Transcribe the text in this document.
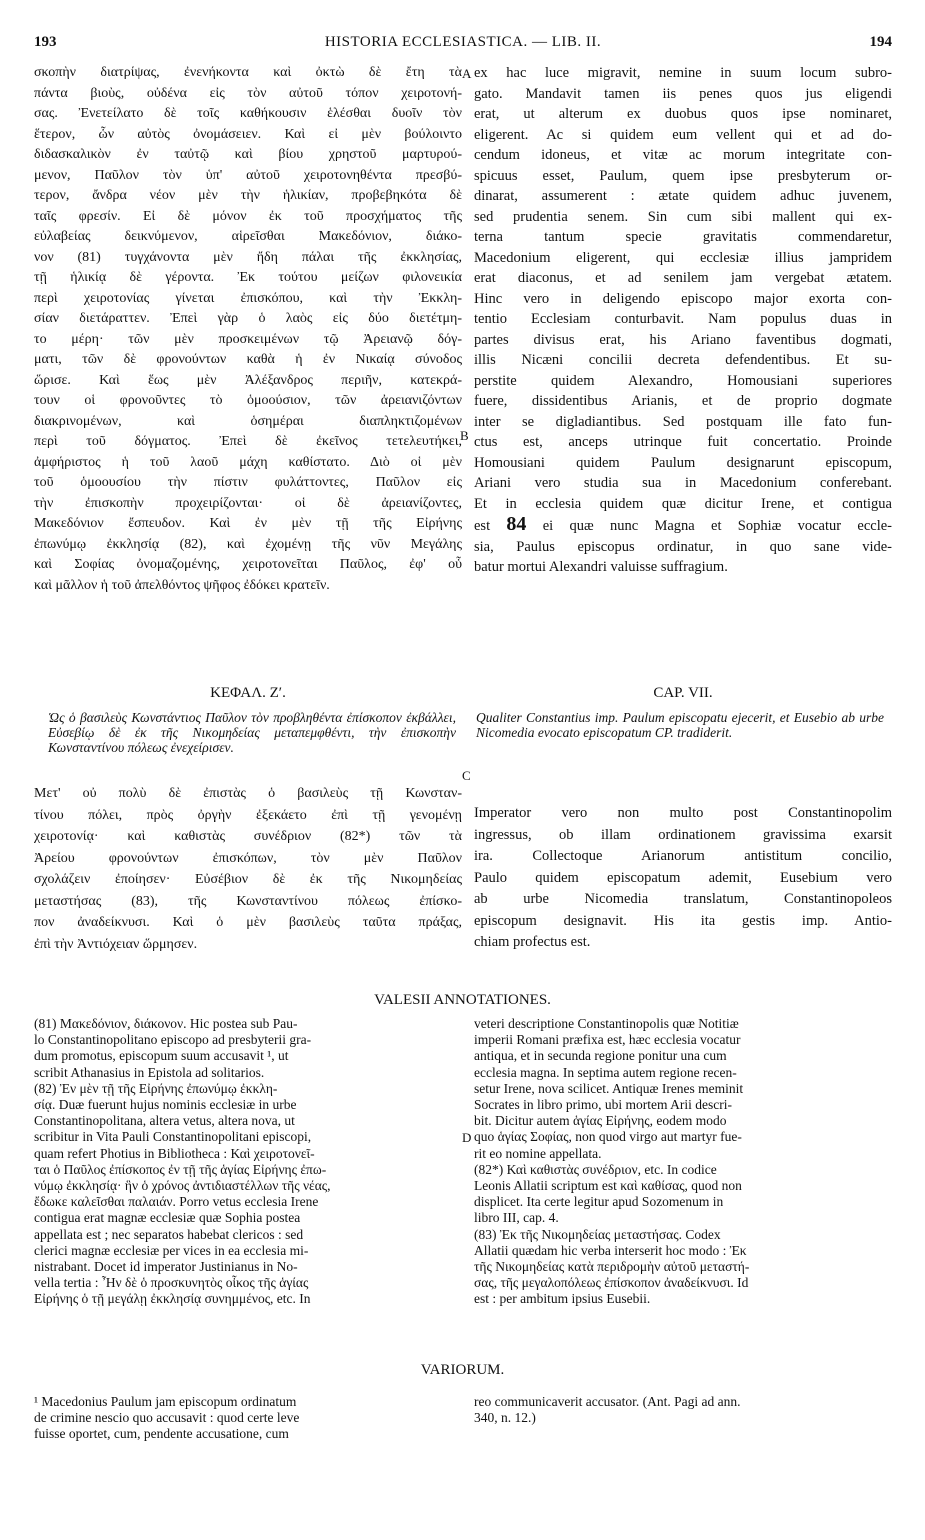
193	HISTORIA ECCLESIASTICA. — LIB. II.	194

σκοπὴν διατρίψας, ἐνενήκοντα καὶ ὀκτὼ δὲ ἔτη τὰ

πάντα βιοὺς, οὐδένα εἰς τὸν αὐτοῦ τόπον χειροτονή-

σας. Ἐνετείλατο δὲ τοῖς καθήκουσιν ἑλέσθαι δυοῖν τὸν

ἕτερον, ὧν αὐτὸς ὀνομάσειεν. Καὶ εἰ μὲν βούλοιντο

διδασκαλικὸν ἐν ταὐτῷ καὶ βίου χρηστοῦ μαρτυρού-

μενον, Παῦλον τὸν ὑπ' αὐτοῦ χειροτονηθέντα πρεσβύ-

τερον, ἄνδρα νέον μὲν τὴν ἡλικίαν, προβεβηκότα δὲ

ταῖς φρεσίν. Εἰ δὲ μόνον ἐκ τοῦ προσχήματος τῆς

εὐλαβείας δεικνύμενον, αἱρεῖσθαι Μακεδόνιον, διάκο-

νον (81) τυγχάνοντα μὲν ἤδη πάλαι τῆς ἐκκλησίας,

τῇ ἡλικίᾳ δὲ γέροντα. Ἐκ τούτου μείζων φιλονεικία

περὶ χειροτονίας γίνεται ἐπισκόπου, καὶ τὴν Ἐκκλη-

σίαν διετάραττεν. Ἐπεὶ γὰρ ὁ λαὸς εἰς δύο διετέτμη-

το μέρη· τῶν μὲν προσκειμένων τῷ Ἀρειανῷ δόγ-

ματι, τῶν δὲ φρονούντων καθὰ ἡ ἐν Νικαίᾳ σύνοδος

ὥρισε. Καὶ ἕως μὲν Ἀλέξανδρος περιῆν, κατεκρά-

τουν οἱ φρονοῦντες τὸ ὁμοούσιον, τῶν ἀρειανιζόντων

διακρινομένων, καὶ ὁσημέραι διαπληκτιζομένων

περὶ τοῦ δόγματος. Ἐπεὶ δὲ ἐκεῖνος τετελευτήκει,

ἀμφήριστος ἡ τοῦ λαοῦ μάχη καθίστατο. Διὸ οἱ μὲν

τοῦ ὁμοουσίου τὴν πίστιν φυλάττοντες, Παῦλον εἰς

τὴν ἐπισκοπὴν προχειρίζονται· οἱ δὲ ἀρειανίζοντες,

Μακεδόνιον ἔσπευδον. Καὶ ἐν μὲν τῇ τῆς Εἰρήνης

ἐπωνύμῳ ἐκκλησίᾳ (82), καὶ ἐχομένῃ τῆς νῦν Μεγάλης

καὶ Σοφίας ὀνομαζομένης, χειροτονεῖται Παῦλος, ἐφ' οὗ

καὶ μᾶλλον ἡ τοῦ ἀπελθόντος ψῆφος ἐδόκει κρατεῖν.

A
B
C
D

ex hac luce migravit, nemine in suum locum subro-

gato. Mandavit tamen iis penes quos jus eligendi

erat, ut alterum ex duobus quos ipse nominaret,

eligerent. Ac si quidem eum vellent qui et ad do-

cendum idoneus, et vitæ ac morum integritate con-

spicuus esset, Paulum, quem ipse presbyterum or-

dinarat, assumerent : ætate quidem adhuc juvenem,

sed prudentia senem. Sin cum sibi mallent qui ex-

terna tantum specie gravitatis commendaretur,

Macedonium eligerent, qui ecclesiæ illius jampridem

erat diaconus, et ad senilem jam vergebat ætatem.

Hinc vero in deligendo episcopo major exorta con-

tentio Ecclesiam conturbavit. Nam populus duas in

partes divisus erat, his Ariano faventibus dogmati,

illis Nicæni concilii decreta defendentibus. Et su-

perstite quidem Alexandro, Homousiani superiores

fuere, dissidentibus Arianis, et de proprio dogmate

inter se digladiantibus. Sed postquam ille fato fun-

ctus est, anceps utrinque fuit concertatio. Proinde

Homousiani quidem Paulum designarunt episcopum,

Ariani vero studia sua in Macedonium conferebant.

Et in ecclesia quidem quæ dicitur Irene, et contigua

est 84 ei quæ nunc Magna et Sophiæ vocatur eccle-

sia, Paulus episcopus ordinatur, in quo sane vide-

batur mortui Alexandri valuisse suffragium.

ΚΕΦΑΛ. Ζʹ.	CAP. VII.
Ὡς ὁ βασιλεὺς Κωνστάντιος Παῦλον τὸν προβληθέντα ἐπίσκοπον ἐκβάλλει, Εὐσεβίῳ δὲ ἐκ τῆς Νικομηδείας μεταπεμφθέντι, τὴν ἐπισκοπὴν Κωνσταντίνου πόλεως ἐνεχείρισεν.
Qualiter Constantius imp. Paulum episcopatu ejecerit, et Eusebio ab urbe Nicomedia evocato episcopatum CP. tradiderit.

Μετ' οὐ πολὺ δὲ ἐπιστὰς ὁ βασιλεὺς τῇ Κωνσταν-

τίνου πόλει, πρὸς ὀργὴν ἐξεκάετο ἐπὶ τῇ γενομένῃ

χειροτονίᾳ· καὶ καθιστὰς συνέδριον (82*) τῶν τὰ

Ἀρείου φρονούντων ἐπισκόπων, τὸν μὲν Παῦλον

σχολάζειν ἐποίησεν· Εὐσέβιον δὲ ἐκ τῆς Νικομηδείας

μεταστήσας (83), τῆς Κωνσταντίνου πόλεως ἐπίσκο-

πον ἀναδείκνυσι. Καὶ ὁ μὲν βασιλεὺς ταῦτα πράξας,

ἐπὶ τὴν Ἀντιόχειαν ὥρμησεν.

Imperator vero non multo post Constantinopolim

ingressus, ob illam ordinationem gravissima exarsit

ira. Collectoque Arianorum antistitum concilio,

Paulo quidem episcopatum ademit, Eusebium vero

ab urbe Nicomedia translatum, Constantinopoleos

episcopum designavit. His ita gestis imp. Antio-

chiam profectus est.

VALESII ANNOTATIONES.

(81) Μακεδόνιον, διάκονον. Hic postea sub Pau-

lo Constantinopolitano episcopo ad presbyterii gra-

dum promotus, episcopum suum accusavit ¹, ut

scribit Athanasius in Epistola ad solitarios.

(82) Ἐν μὲν τῇ τῆς Εἰρήνης ἐπωνύμῳ ἐκκλη-

σίᾳ. Duæ fuerunt hujus nominis ecclesiæ in urbe

Constantinopolitana, altera vetus, altera nova, ut

scribitur in Vita Pauli Constantinopolitani episcopi,

quam refert Photius in Bibliotheca : Καὶ χειροτονεῖ-

ται ὁ Παῦλος ἐπίσκοπος ἐν τῇ τῆς ἁγίας Εἰρήνης ἐπω-

νύμῳ ἐκκλησίᾳ· ἣν ὁ χρόνος ἀντιδιαστέλλων τῆς νέας,

ἔδωκε καλεῖσθαι παλαιάν. Porro vetus ecclesia Irene

contigua erat magnæ ecclesiæ quæ Sophia postea

appellata est ; nec separatos habebat clericos : sed

clerici magnæ ecclesiæ per vices in ea ecclesia mi-

nistrabant. Docet id imperator Justinianus in No-

vella tertia : Ἦν δὲ ὁ προσκυνητὸς οἶκος τῆς ἁγίας

Εἰρήνης ὁ τῇ μεγάλῃ ἐκκλησίᾳ συνημμένος, etc. In

veteri descriptione Constantinopolis quæ Notitiæ

imperii Romani præfixa est, hæc ecclesia vocatur

antiqua, et in secunda regione ponitur una cum

ecclesia magna. In septima autem regione recen-

setur Irene, nova scilicet. Antiquæ Irenes meminit

Socrates in libro primo, ubi mortem Arii descri-

bit. Dicitur autem ἁγίας Εἰρήνης, eodem modo

quo ἁγίας Σοφίας, non quod virgo aut martyr fue-

rit eo nomine appellata.

(82*) Καὶ καθιστὰς συνέδριον, etc. In codice

Leonis Allatii scriptum est καὶ καθίσας, quod non

displicet. Ita certe legitur apud Sozomenum in

libro III, cap. 4.

(83) Ἐκ τῆς Νικομηδείας μεταστήσας. Codex

Allatii quædam hic verba interserit hoc modo : Ἐκ

τῆς Νικομηδείας κατὰ περιδρομὴν αὐτοῦ μεταστή-

σας, τῆς μεγαλοπόλεως ἐπίσκοπον ἀναδείκνυσι. Id

est : per ambitum ipsius Eusebii.

VARIORUM.

¹ Macedonius Paulum jam episcopum ordinatum

de crimine nescio quo accusavit : quod certe leve

fuisse oportet, cum, pendente accusatione, cum

reo communicaverit accusator. (Ant. Pagi ad ann.

340, n. 12.)
